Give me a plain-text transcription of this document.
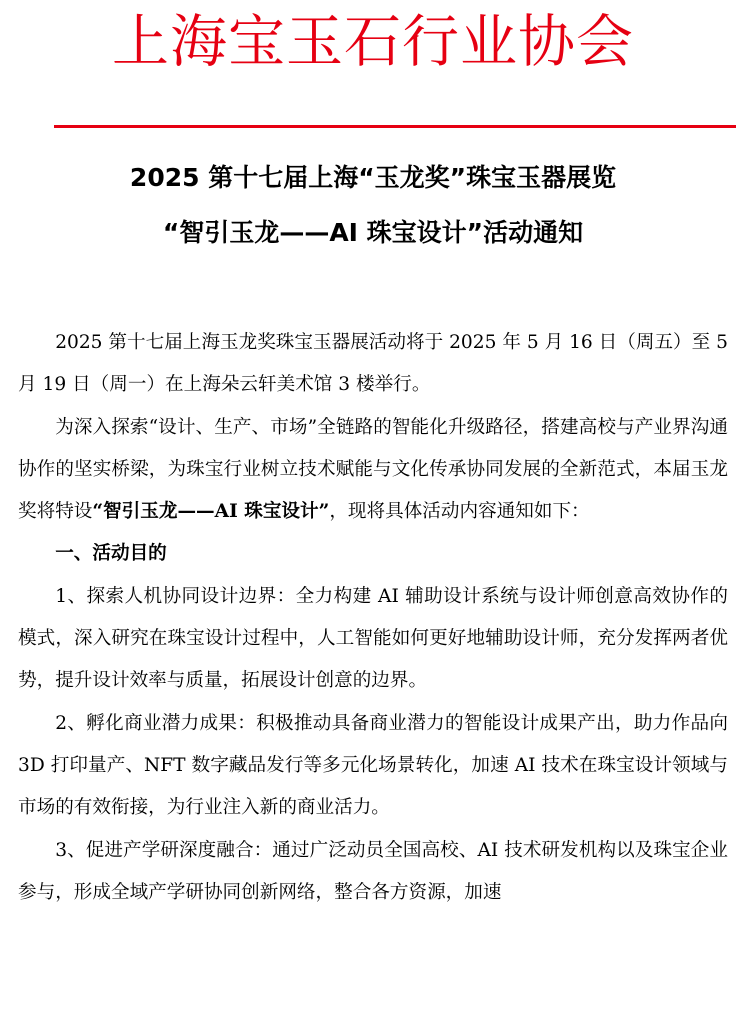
上海宝玉石行业协会
2025 第十七届上海“玉龙奖”珠宝玉器展览
“智引玉龙——AI 珠宝设计”活动通知

2025 第十七届上海玉龙奖珠宝玉器展活动将于 2025 年 5 月 16 日（周五）至 5 月 19 日（周一）在上海朵云轩美术馆 3 楼举行。

为深入探索“设计、生产、市场”全链路的智能化升级路径，搭建高校与产业界沟通协作的坚实桥梁，为珠宝行业树立技术赋能与文化传承协同发展的全新范式，本届玉龙奖将特设“智引玉龙——AI 珠宝设计”，现将具体活动内容通知如下：

一、活动目的

1、探索人机协同设计边界：全力构建 AI 辅助设计系统与设计师创意高效协作的模式，深入研究在珠宝设计过程中，人工智能如何更好地辅助设计师，充分发挥两者优势，提升设计效率与质量，拓展设计创意的边界。

2、孵化商业潜力成果：积极推动具备商业潜力的智能设计成果产出，助力作品向 3D 打印量产、NFT 数字藏品发行等多元化场景转化，加速 AI 技术在珠宝设计领域与市场的有效衔接，为行业注入新的商业活力。

3、促进产学研深度融合：通过广泛动员全国高校、AI 技术研发机构以及珠宝企业参与，形成全域产学研协同创新网络，整合各方资源，加速
